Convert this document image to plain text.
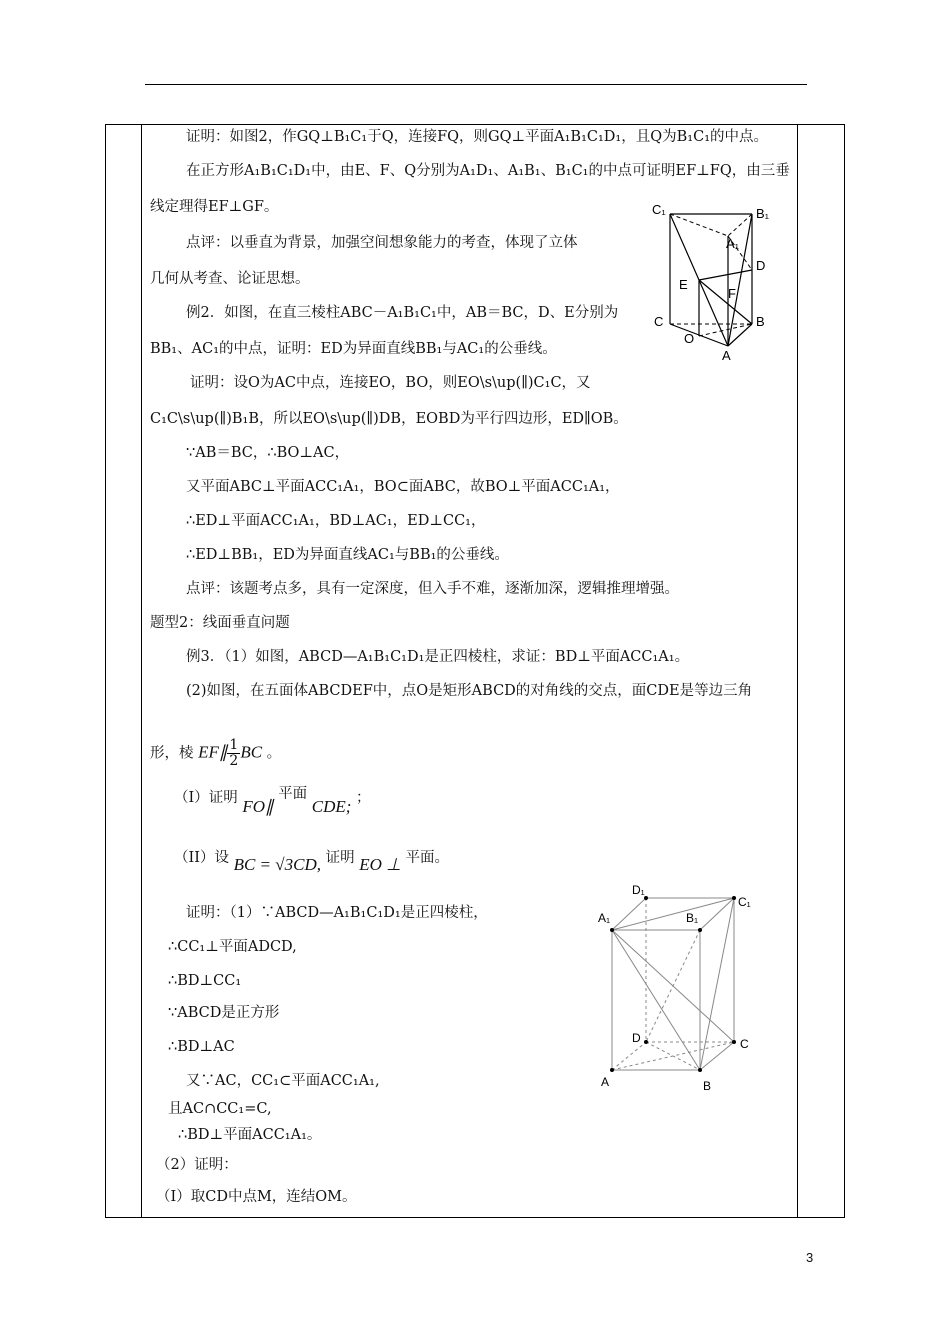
证明：如图2，作GQ⊥B₁C₁于Q，连接FQ，则GQ⊥平面A₁B₁C₁D₁，且Q为B₁C₁的中点。
在正方形A₁B₁C₁D₁中，由E、F、Q分别为A₁D₁、A₁B₁、B₁C₁的中点可证明EF⊥FQ，由三垂
线定理得EF⊥GF。
点评：以垂直为背景，加强空间想象能力的考查，体现了立体
几何从考查、论证思想。
例2．如图，在直三棱柱ABC－A₁B₁C₁中，AB＝BC，D、E分别为
BB₁、AC₁的中点，证明：ED为异面直线BB₁与AC₁的公垂线。
证明：设O为AC中点，连接EO，BO，则EO\s\up(∥)C₁C，又
C₁C\s\up(∥)B₁B，所以EO\s\up(∥)DB，EOBD为平行四边形，ED∥OB。
∵AB＝BC，∴BO⊥AC，
又平面ABC⊥平面ACC₁A₁，BO⊂面ABC，故BO⊥平面ACC₁A₁，
∴ED⊥平面ACC₁A₁，BD⊥AC₁，ED⊥CC₁，
∴ED⊥BB₁，ED为异面直线AC₁与BB₁的公垂线。
点评：该题考点多，具有一定深度，但入手不难，逐渐加深，逻辑推理增强。
题型2：线面垂直问题
例3．（1）如图，ABCD—A₁B₁C₁D₁是正四棱柱，求证：BD⊥平面ACC₁A₁。
(2)如图，在五面体ABCDEF中，点O是矩形ABCD的对角线的交点，面CDE是等边三角
形，棱 EF∥ $\frac{1}{2}$ BC 。
（I）证明 FO∥ 平面 CDE; ；
（II）设 BC = √3CD, 证明 EO ⊥ 平面。
证明：（1）∵ABCD—A₁B₁C₁D₁是正四棱柱，
∴CC₁⊥平面ADCD,
∴BD⊥CC₁
∵ABCD是正方形
∴BD⊥AC
又∵AC，CC₁⊂平面ACC₁A₁,
且AC∩CC₁=C,
∴BD⊥平面ACC₁A₁。
（2）证明：
（I）取CD中点M，连结OM。
C₁	B₁
A₁
D
E
F
C	B
O
A
D₁
C₁
A₁	B₁
D	C
A	B
3
